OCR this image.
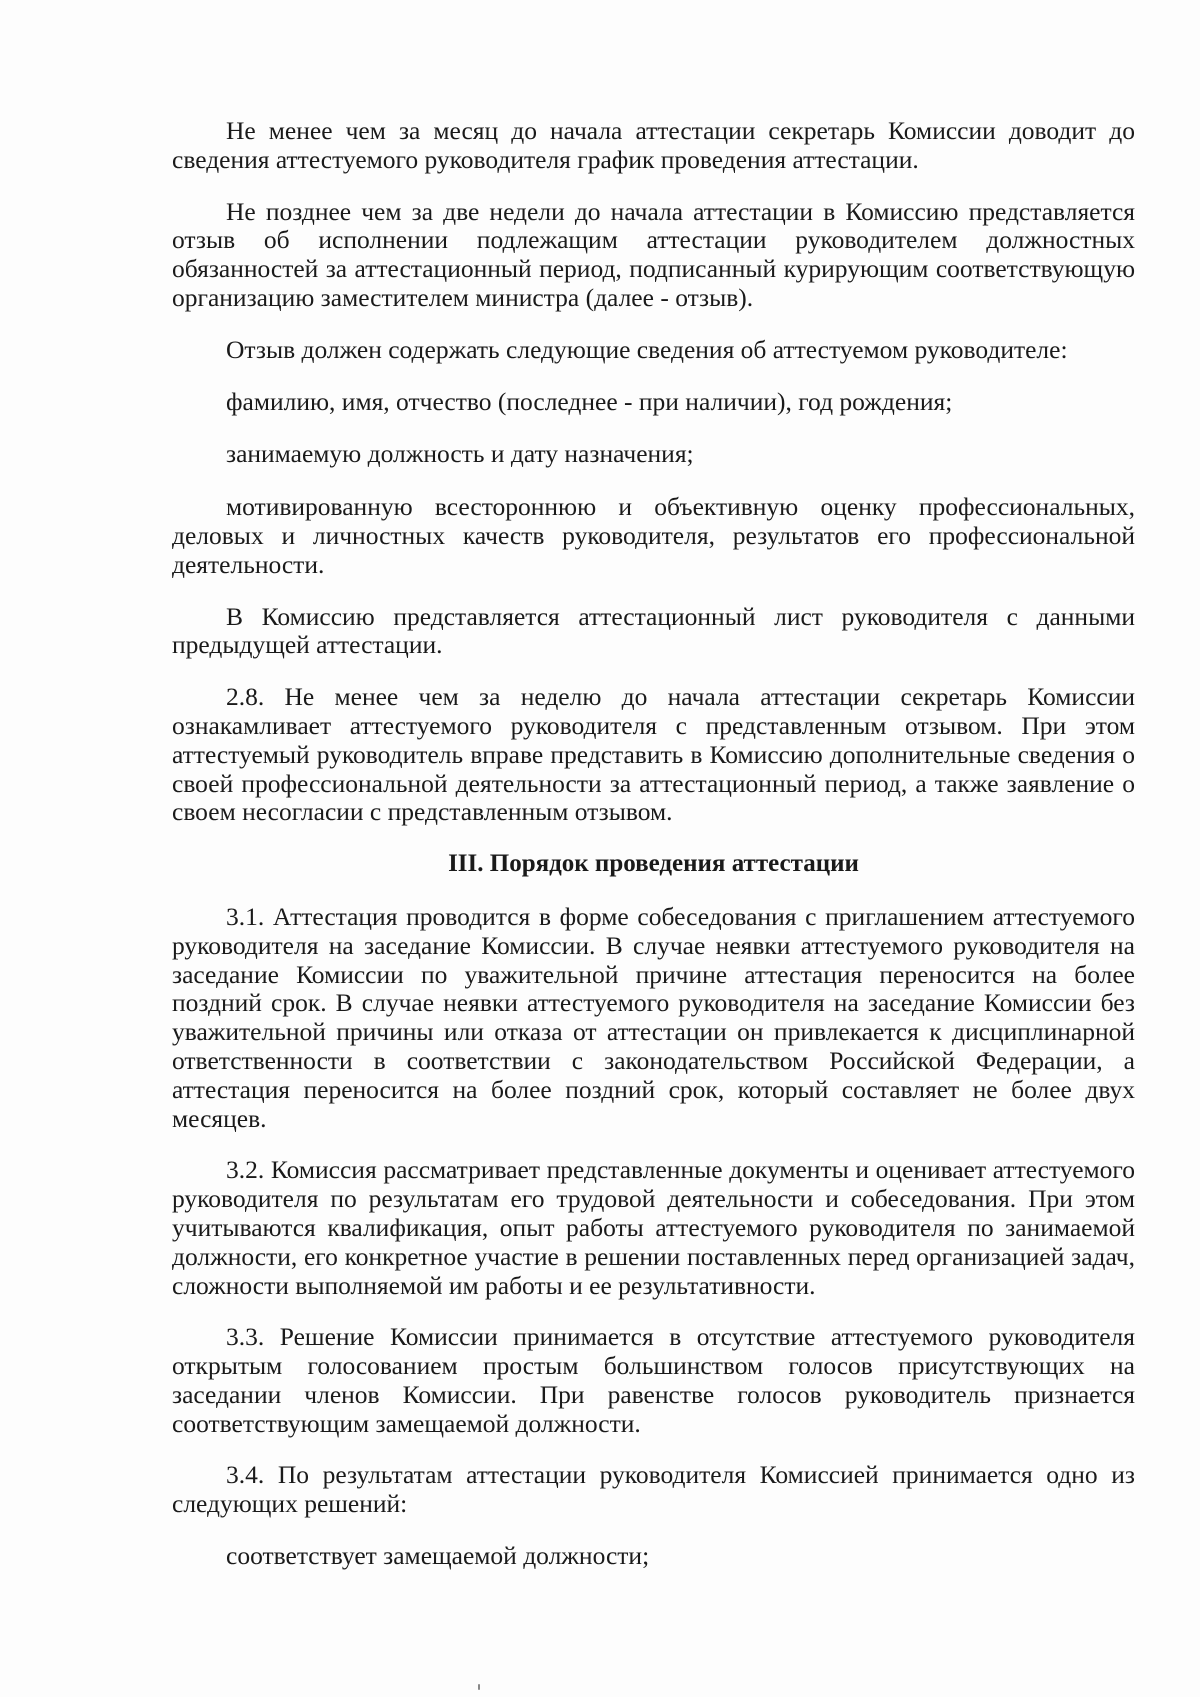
Не менее чем за месяц до начала аттестации секретарь Комиссии доводит до сведения аттестуемого руководителя график проведения аттестации.

Не позднее чем за две недели до начала аттестации в Комиссию представляется отзыв об исполнении подлежащим аттестации руководителем должностных обязанностей за аттестационный период, подписанный курирующим соответствующую организацию заместителем министра (далее - отзыв).

Отзыв должен содержать следующие сведения об аттестуемом руководителе:

фамилию, имя, отчество (последнее - при наличии), год рождения;

занимаемую должность и дату назначения;

мотивированную всестороннюю и объективную оценку профессиональных, деловых и личностных качеств руководителя, результатов его профессиональной деятельности.

В Комиссию представляется аттестационный лист руководителя с данными предыдущей аттестации.

2.8. Не менее чем за неделю до начала аттестации секретарь Комиссии ознакамливает аттестуемого руководителя с представленным отзывом. При этом аттестуемый руководитель вправе представить в Комиссию дополнительные сведения о своей профессиональной деятельности за аттестационный период, а также заявление о своем несогласии с представленным отзывом.

III. Порядок проведения аттестации

3.1. Аттестация проводится в форме собеседования с приглашением аттестуемого руководителя на заседание Комиссии. В случае неявки аттестуемого руководителя на заседание Комиссии по уважительной причине аттестация переносится на более поздний срок. В случае неявки аттестуемого руководителя на заседание Комиссии без уважительной причины или отказа от аттестации он привлекается к дисциплинарной ответственности в соответствии с законодательством Российской Федерации, а аттестация переносится на более поздний срок, который составляет не более двух месяцев.

3.2. Комиссия рассматривает представленные документы и оценивает аттестуемого руководителя по результатам его трудовой деятельности и собеседования. При этом учитываются квалификация, опыт работы аттестуемого руководителя по занимаемой должности, его конкретное участие в решении поставленных перед организацией задач, сложности выполняемой им работы и ее результативности.

3.3. Решение Комиссии принимается в отсутствие аттестуемого руководителя открытым голосованием простым большинством голосов присутствующих на заседании членов Комиссии. При равенстве голосов руководитель признается соответствующим замещаемой должности.

3.4. По результатам аттестации руководителя Комиссией принимается одно из следующих решений:

соответствует замещаемой должности;
